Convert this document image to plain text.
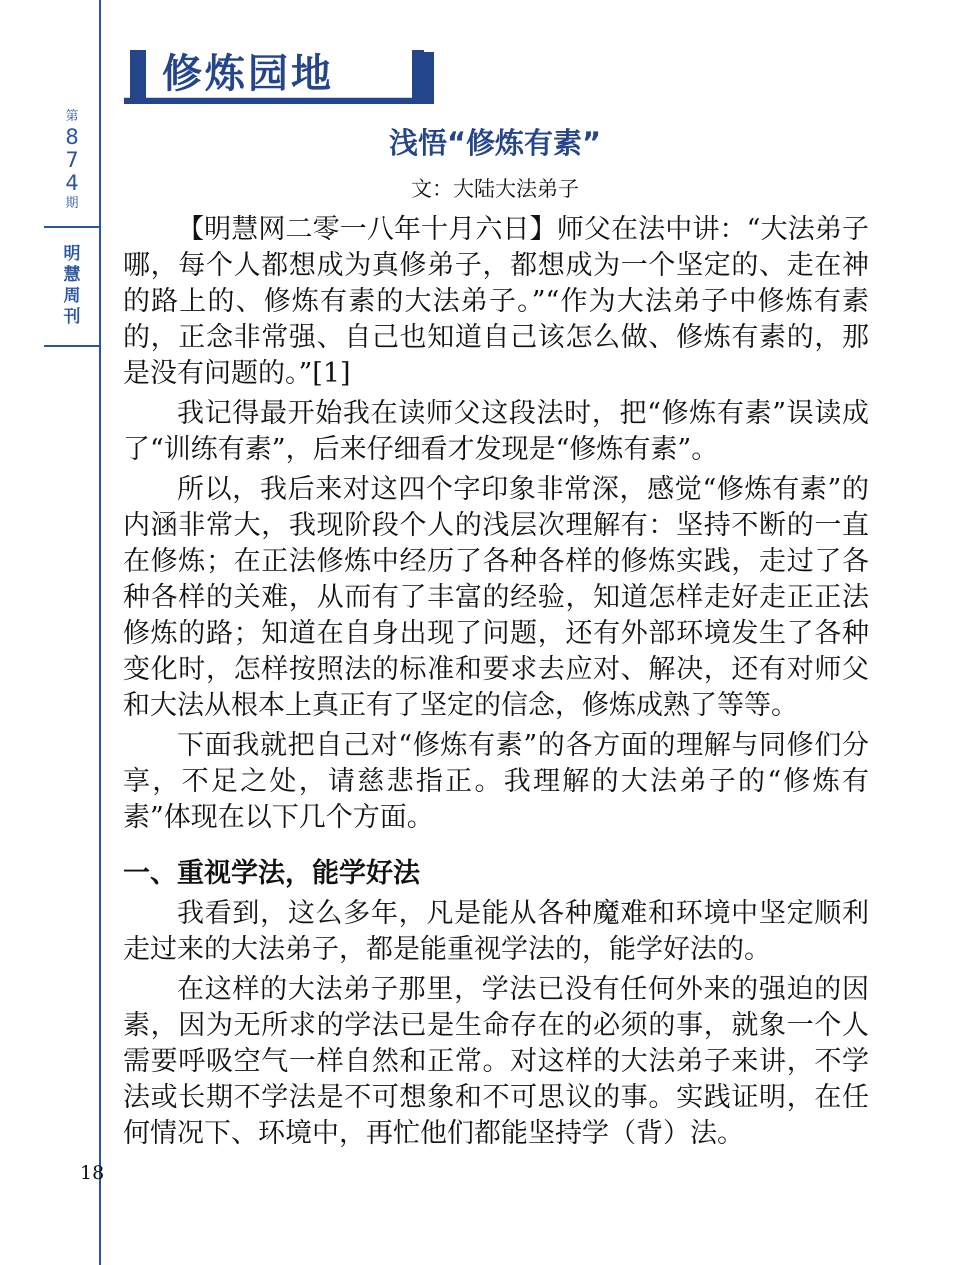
第
8
7
4
期
明
慧
周
刊
18
修炼园地
浅悟“修炼有素”
文：大陆大法弟子

【明慧网二零一八年十月六日】师父在法中讲：“大法弟子哪，每个人都想成为真修弟子，都想成为一个坚定的、走在神的路上的、修炼有素的大法弟子。”“作为大法弟子中修炼有素的，正念非常强、自己也知道自己该怎么做、修炼有素的，那是没有问题的。”[1]

我记得最开始我在读师父这段法时，把“修炼有素”误读成了“训练有素”，后来仔细看才发现是“修炼有素”。

所以，我后来对这四个字印象非常深，感觉“修炼有素”的内涵非常大，我现阶段个人的浅层次理解有：坚持不断的一直在修炼；在正法修炼中经历了各种各样的修炼实践，走过了各种各样的关难，从而有了丰富的经验，知道怎样走好走正正法修炼的路；知道在自身出现了问题，还有外部环境发生了各种变化时，怎样按照法的标准和要求去应对、解决，还有对师父和大法从根本上真正有了坚定的信念，修炼成熟了等等。

下面我就把自己对“修炼有素”的各方面的理解与同修们分享，不足之处，请慈悲指正。我理解的大法弟子的“修炼有素”体现在以下几个方面。

一、重视学法，能学好法

我看到，这么多年，凡是能从各种魔难和环境中坚定顺利走过来的大法弟子，都是能重视学法的，能学好法的。

在这样的大法弟子那里，学法已没有任何外来的强迫的因素，因为无所求的学法已是生命存在的必须的事，就象一个人需要呼吸空气一样自然和正常。对这样的大法弟子来讲，不学法或长期不学法是不可想象和不可思议的事。实践证明，在任何情况下、环境中，再忙他们都能坚持学（背）法。
